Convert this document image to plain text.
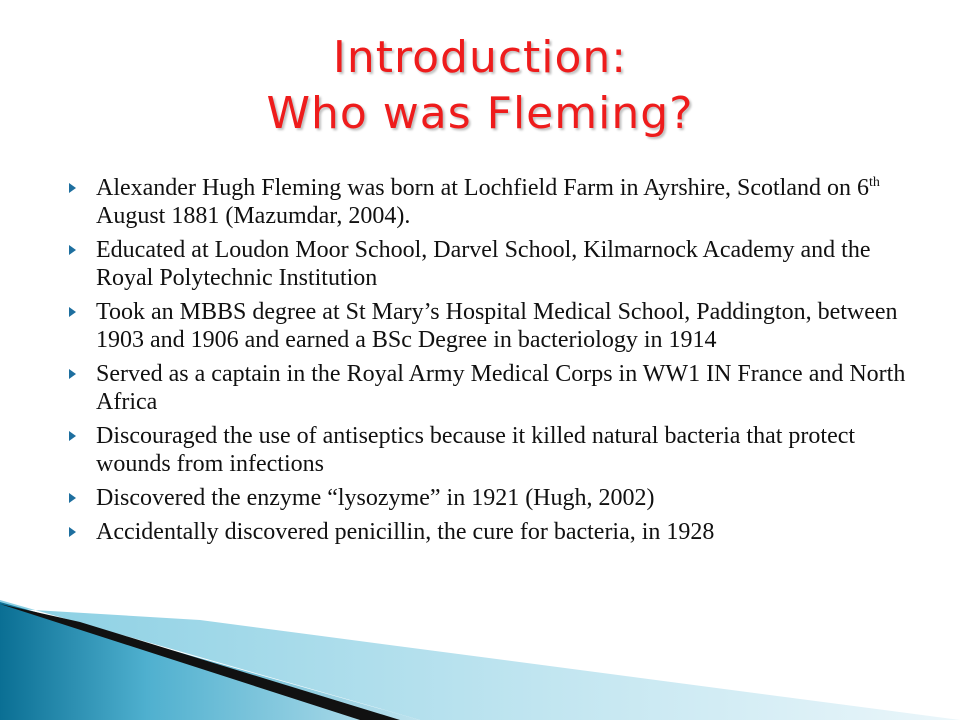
Introduction:
Who was Fleming?
Alexander Hugh Fleming was born at Lochfield Farm in Ayrshire, Scotland on 6th August 1881 (Mazumdar, 2004).
Educated at Loudon Moor School, Darvel School, Kilmarnock Academy and the Royal Polytechnic Institution
Took an MBBS degree at St Mary’s Hospital Medical School, Paddington, between 1903 and 1906 and earned a BSc Degree in bacteriology in 1914
Served as a captain in the Royal Army Medical Corps in WW1 IN France and North Africa
Discouraged the use of antiseptics because it killed natural bacteria that protect wounds from infections
Discovered the enzyme “lysozyme” in 1921 (Hugh, 2002)
Accidentally discovered penicillin, the cure for bacteria, in 1928
